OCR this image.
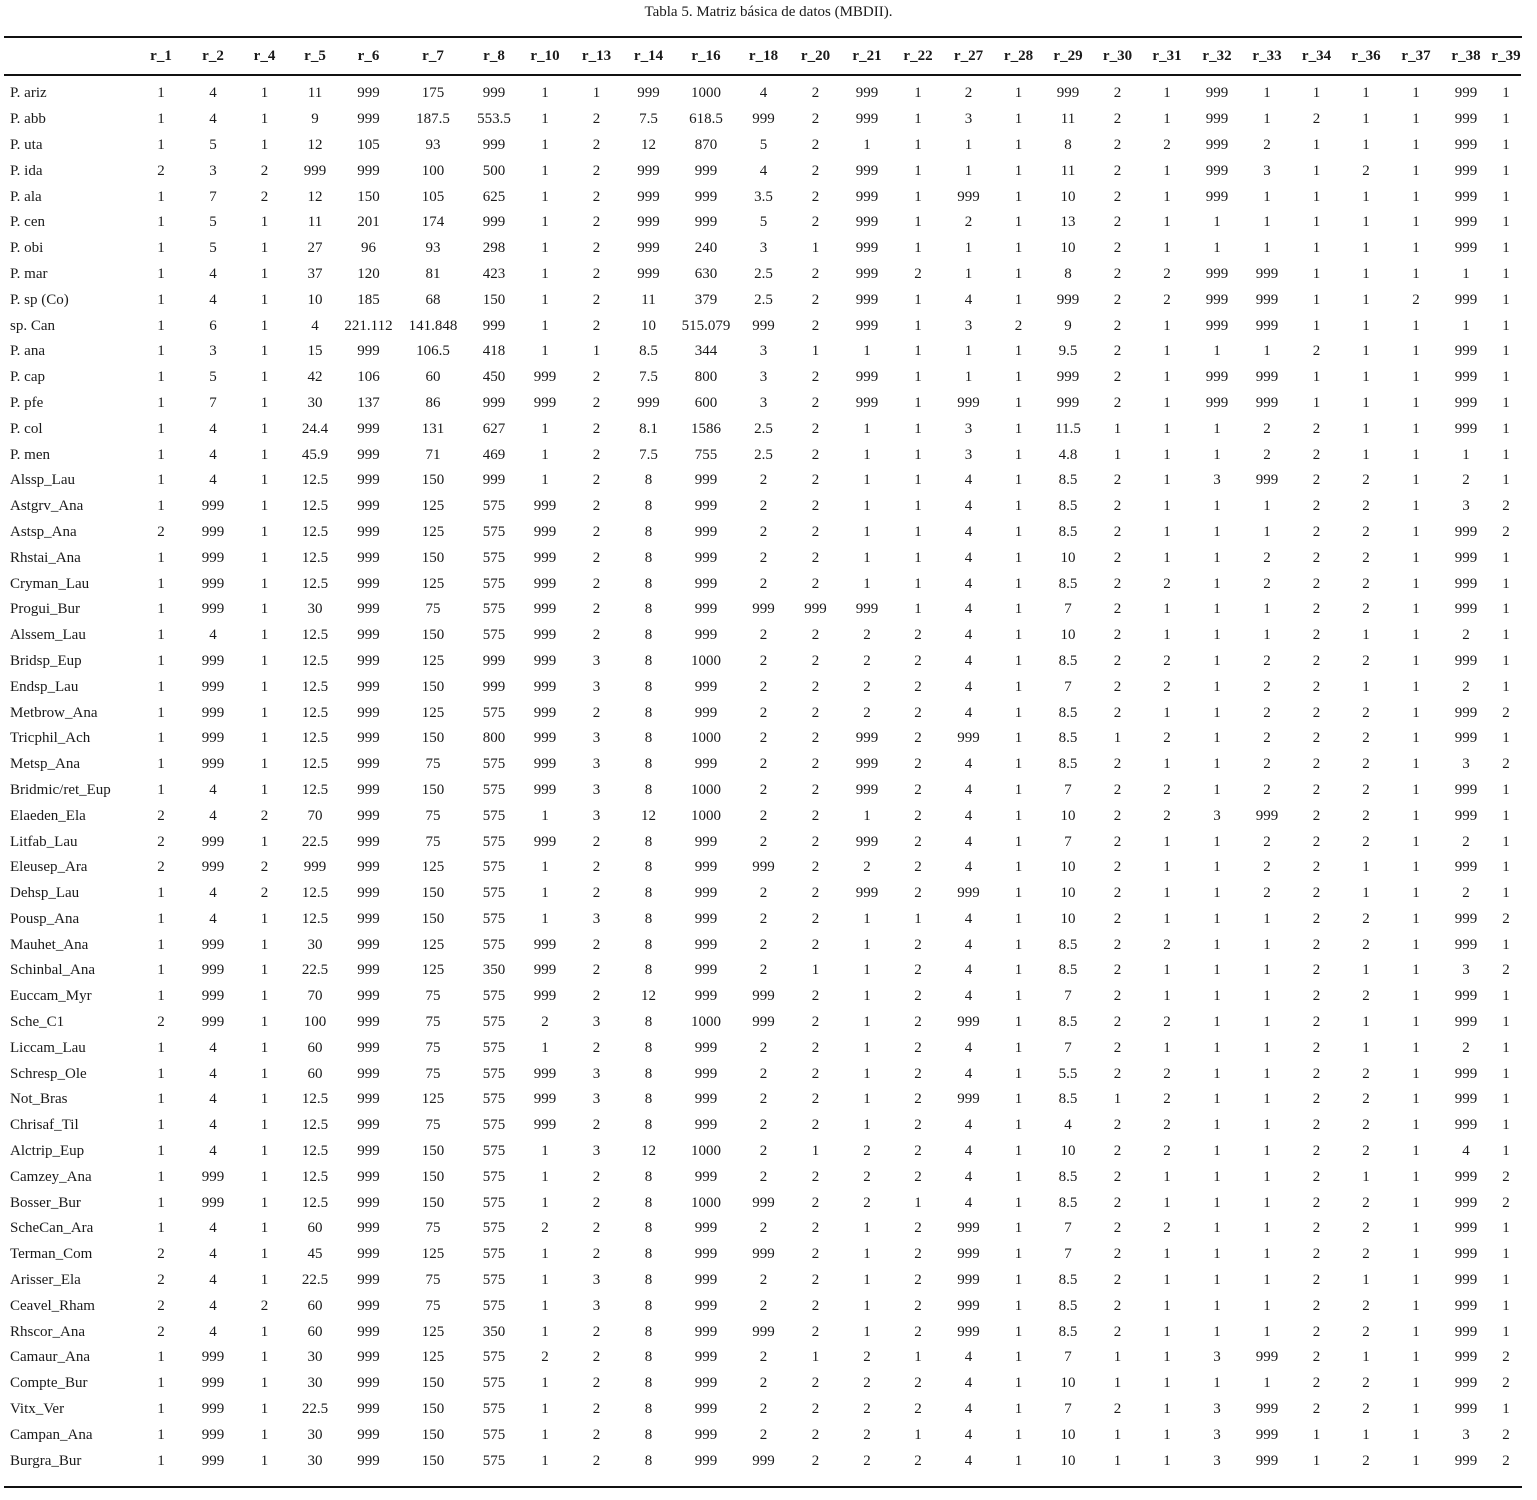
Tabla 5. Matriz básica de datos (MBDII).
	r_1	r_2	r_4	r_5	r_6	r_7	r_8	r_10	r_13	r_14	r_16	r_18	r_20	r_21	r_22	r_27	r_28	r_29	r_30	r_31	r_32	r_33	r_34	r_36	r_37	r_38	r_39

P. ariz	1	4	1	11	999	175	999	1	1	999	1000	4	2	999	1	2	1	999	2	1	999	1	1	1	1	999	1
P. abb	1	4	1	9	999	187.5	553.5	1	2	7.5	618.5	999	2	999	1	3	1	11	2	1	999	1	2	1	1	999	1
P. uta	1	5	1	12	105	93	999	1	2	12	870	5	2	1	1	1	1	8	2	2	999	2	1	1	1	999	1
P. ida	2	3	2	999	999	100	500	1	2	999	999	4	2	999	1	1	1	11	2	1	999	3	1	2	1	999	1
P. ala	1	7	2	12	150	105	625	1	2	999	999	3.5	2	999	1	999	1	10	2	1	999	1	1	1	1	999	1
P. cen	1	5	1	11	201	174	999	1	2	999	999	5	2	999	1	2	1	13	2	1	1	1	1	1	1	999	1
P. obi	1	5	1	27	96	93	298	1	2	999	240	3	1	999	1	1	1	10	2	1	1	1	1	1	1	999	1
P. mar	1	4	1	37	120	81	423	1	2	999	630	2.5	2	999	2	1	1	8	2	2	999	999	1	1	1	1	1
P. sp (Co)	1	4	1	10	185	68	150	1	2	11	379	2.5	2	999	1	4	1	999	2	2	999	999	1	1	2	999	1
sp. Can	1	6	1	4	221.112	141.848	999	1	2	10	515.079	999	2	999	1	3	2	9	2	1	999	999	1	1	1	1	1
P. ana	1	3	1	15	999	106.5	418	1	1	8.5	344	3	1	1	1	1	1	9.5	2	1	1	1	2	1	1	999	1
P. cap	1	5	1	42	106	60	450	999	2	7.5	800	3	2	999	1	1	1	999	2	1	999	999	1	1	1	999	1
P. pfe	1	7	1	30	137	86	999	999	2	999	600	3	2	999	1	999	1	999	2	1	999	999	1	1	1	999	1
P. col	1	4	1	24.4	999	131	627	1	2	8.1	1586	2.5	2	1	1	3	1	11.5	1	1	1	2	2	1	1	999	1
P. men	1	4	1	45.9	999	71	469	1	2	7.5	755	2.5	2	1	1	3	1	4.8	1	1	1	2	2	1	1	1	1
Alssp_Lau	1	4	1	12.5	999	150	999	1	2	8	999	2	2	1	1	4	1	8.5	2	1	3	999	2	2	1	2	1
Astgrv_Ana	1	999	1	12.5	999	125	575	999	2	8	999	2	2	1	1	4	1	8.5	2	1	1	1	2	2	1	3	2
Astsp_Ana	2	999	1	12.5	999	125	575	999	2	8	999	2	2	1	1	4	1	8.5	2	1	1	1	2	2	1	999	2
Rhstai_Ana	1	999	1	12.5	999	150	575	999	2	8	999	2	2	1	1	4	1	10	2	1	1	2	2	2	1	999	1
Cryman_Lau	1	999	1	12.5	999	125	575	999	2	8	999	2	2	1	1	4	1	8.5	2	2	1	2	2	2	1	999	1
Progui_Bur	1	999	1	30	999	75	575	999	2	8	999	999	999	999	1	4	1	7	2	1	1	1	2	2	1	999	1
Alssem_Lau	1	4	1	12.5	999	150	575	999	2	8	999	2	2	2	2	4	1	10	2	1	1	1	2	1	1	2	1
Bridsp_Eup	1	999	1	12.5	999	125	999	999	3	8	1000	2	2	2	2	4	1	8.5	2	2	1	2	2	2	1	999	1
Endsp_Lau	1	999	1	12.5	999	150	999	999	3	8	999	2	2	2	2	4	1	7	2	2	1	2	2	1	1	2	1
Metbrow_Ana	1	999	1	12.5	999	125	575	999	2	8	999	2	2	2	2	4	1	8.5	2	1	1	2	2	2	1	999	2
Tricphil_Ach	1	999	1	12.5	999	150	800	999	3	8	1000	2	2	999	2	999	1	8.5	1	2	1	2	2	2	1	999	1
Metsp_Ana	1	999	1	12.5	999	75	575	999	3	8	999	2	2	999	2	4	1	8.5	2	1	1	2	2	2	1	3	2
Bridmic/ret_Eup	1	4	1	12.5	999	150	575	999	3	8	1000	2	2	999	2	4	1	7	2	2	1	2	2	2	1	999	1
Elaeden_Ela	2	4	2	70	999	75	575	1	3	12	1000	2	2	1	2	4	1	10	2	2	3	999	2	2	1	999	1
Litfab_Lau	2	999	1	22.5	999	75	575	999	2	8	999	2	2	999	2	4	1	7	2	1	1	2	2	2	1	2	1
Eleusep_Ara	2	999	2	999	999	125	575	1	2	8	999	999	2	2	2	4	1	10	2	1	1	2	2	1	1	999	1
Dehsp_Lau	1	4	2	12.5	999	150	575	1	2	8	999	2	2	999	2	999	1	10	2	1	1	2	2	1	1	2	1
Pousp_Ana	1	4	1	12.5	999	150	575	1	3	8	999	2	2	1	1	4	1	10	2	1	1	1	2	2	1	999	2
Mauhet_Ana	1	999	1	30	999	125	575	999	2	8	999	2	2	1	2	4	1	8.5	2	2	1	1	2	2	1	999	1
Schinbal_Ana	1	999	1	22.5	999	125	350	999	2	8	999	2	1	1	2	4	1	8.5	2	1	1	1	2	1	1	3	2
Euccam_Myr	1	999	1	70	999	75	575	999	2	12	999	999	2	1	2	4	1	7	2	1	1	1	2	2	1	999	1
Sche_C1	2	999	1	100	999	75	575	2	3	8	1000	999	2	1	2	999	1	8.5	2	2	1	1	2	1	1	999	1
Liccam_Lau	1	4	1	60	999	75	575	1	2	8	999	2	2	1	2	4	1	7	2	1	1	1	2	1	1	2	1
Schresp_Ole	1	4	1	60	999	75	575	999	3	8	999	2	2	1	2	4	1	5.5	2	2	1	1	2	2	1	999	1
Not_Bras	1	4	1	12.5	999	125	575	999	3	8	999	2	2	1	2	999	1	8.5	1	2	1	1	2	2	1	999	1
Chrisaf_Til	1	4	1	12.5	999	75	575	999	2	8	999	2	2	1	2	4	1	4	2	2	1	1	2	2	1	999	1
Alctrip_Eup	1	4	1	12.5	999	150	575	1	3	12	1000	2	1	2	2	4	1	10	2	2	1	1	2	2	1	4	1
Camzey_Ana	1	999	1	12.5	999	150	575	1	2	8	999	2	2	2	2	4	1	8.5	2	1	1	1	2	1	1	999	2
Bosser_Bur	1	999	1	12.5	999	150	575	1	2	8	1000	999	2	2	1	4	1	8.5	2	1	1	1	2	2	1	999	2
ScheCan_Ara	1	4	1	60	999	75	575	2	2	8	999	2	2	1	2	999	1	7	2	2	1	1	2	2	1	999	1
Terman_Com	2	4	1	45	999	125	575	1	2	8	999	999	2	1	2	999	1	7	2	1	1	1	2	2	1	999	1
Arisser_Ela	2	4	1	22.5	999	75	575	1	3	8	999	2	2	1	2	999	1	8.5	2	1	1	1	2	1	1	999	1
Ceavel_Rham	2	4	2	60	999	75	575	1	3	8	999	2	2	1	2	999	1	8.5	2	1	1	1	2	2	1	999	1
Rhscor_Ana	2	4	1	60	999	125	350	1	2	8	999	999	2	1	2	999	1	8.5	2	1	1	1	2	2	1	999	1
Camaur_Ana	1	999	1	30	999	125	575	2	2	8	999	2	1	2	1	4	1	7	1	1	3	999	2	1	1	999	2
Compte_Bur	1	999	1	30	999	150	575	1	2	8	999	2	2	2	2	4	1	10	1	1	1	1	2	2	1	999	2
Vitx_Ver	1	999	1	22.5	999	150	575	1	2	8	999	2	2	2	2	4	1	7	2	1	3	999	2	2	1	999	1
Campan_Ana	1	999	1	30	999	150	575	1	2	8	999	2	2	2	1	4	1	10	1	1	3	999	1	1	1	3	2
Burgra_Bur	1	999	1	30	999	150	575	1	2	8	999	999	2	2	2	4	1	10	1	1	3	999	1	2	1	999	2
